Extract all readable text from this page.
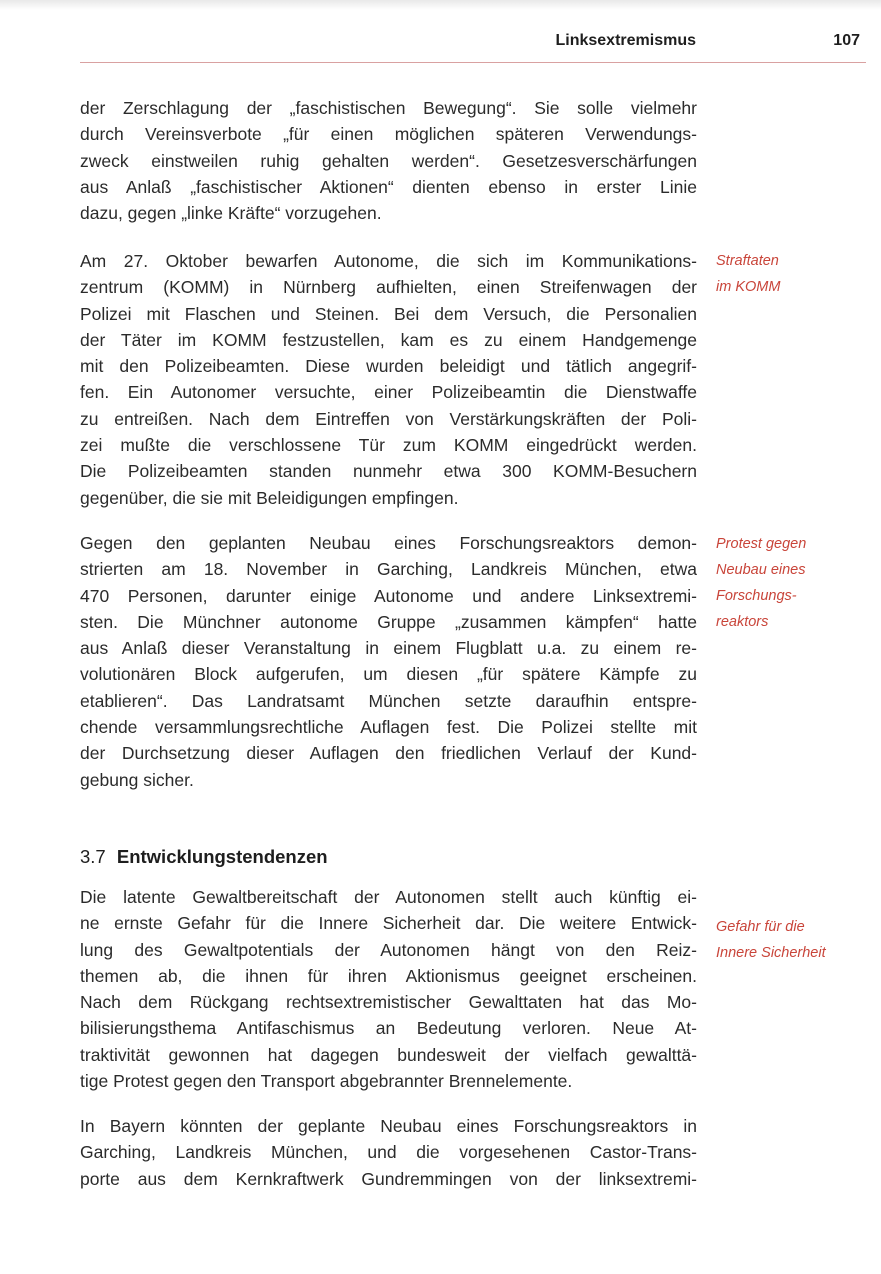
Linksextremismus	107
der Zerschlagung der „faschistischen Bewegung“. Sie solle vielmehr
durch Vereinsverbote „für einen möglichen späteren Verwendungs-
zweck einstweilen ruhig gehalten werden“. Gesetzesverschärfungen
aus Anlaß „faschistischer Aktionen“ dienten ebenso in erster Linie
dazu, gegen „linke Kräfte“ vorzugehen.
Am 27. Oktober bewarfen Autonome, die sich im Kommunikations-
zentrum (KOMM) in Nürnberg aufhielten, einen Streifenwagen der
Polizei mit Flaschen und Steinen. Bei dem Versuch, die Personalien
der Täter im KOMM festzustellen, kam es zu einem Handgemenge
mit den Polizeibeamten. Diese wurden beleidigt und tätlich angegrif-
fen. Ein Autonomer versuchte, einer Polizeibeamtin die Dienstwaffe
zu entreißen. Nach dem Eintreffen von Verstärkungskräften der Poli-
zei mußte die verschlossene Tür zum KOMM eingedrückt werden.
Die Polizeibeamten standen nunmehr etwa 300 KOMM-Besuchern
gegenüber, die sie mit Beleidigungen empfingen.
Straftaten
im KOMM
Gegen den geplanten Neubau eines Forschungsreaktors demon-
strierten am 18. November in Garching, Landkreis München, etwa
470 Personen, darunter einige Autonome und andere Linksextremi-
sten. Die Münchner autonome Gruppe „zusammen kämpfen“ hatte
aus Anlaß dieser Veranstaltung in einem Flugblatt u.a. zu einem re-
volutionären Block aufgerufen, um diesen „für spätere Kämpfe zu
etablieren“. Das Landratsamt München setzte daraufhin entspre-
chende versammlungsrechtliche Auflagen fest. Die Polizei stellte mit
der Durchsetzung dieser Auflagen den friedlichen Verlauf der Kund-
gebung sicher.
Protest gegen
Neubau eines
Forschungs-
reaktors
3.7 Entwicklungstendenzen
Die latente Gewaltbereitschaft der Autonomen stellt auch künftig ei-
ne ernste Gefahr für die Innere Sicherheit dar. Die weitere Entwick-
lung des Gewaltpotentials der Autonomen hängt von den Reiz-
themen ab, die ihnen für ihren Aktionismus geeignet erscheinen.
Nach dem Rückgang rechtsextremistischer Gewalttaten hat das Mo-
bilisierungsthema Antifaschismus an Bedeutung verloren. Neue At-
traktivität gewonnen hat dagegen bundesweit der vielfach gewalttä-
tige Protest gegen den Transport abgebrannter Brennelemente.
Gefahr für die
Innere Sicherheit
In Bayern könnten der geplante Neubau eines Forschungsreaktors in
Garching, Landkreis München, und die vorgesehenen Castor-Trans-
porte aus dem Kernkraftwerk Gundremmingen von der linksextremi-
